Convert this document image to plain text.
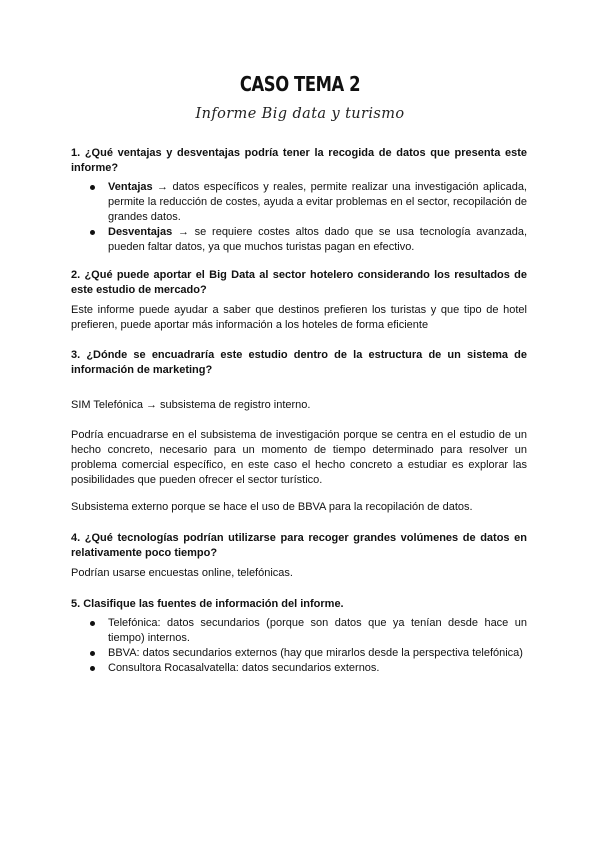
CASO TEMA 2
Informe Big data y turismo
1. ¿Qué ventajas y desventajas podría tener la recogida de datos que presenta este informe?
Ventajas → datos específicos y reales, permite realizar una investigación aplicada, permite la reducción de costes, ayuda a evitar problemas en el sector, recopilación de grandes datos.
Desventajas → se requiere costes altos dado que se usa tecnología avanzada, pueden faltar datos, ya que muchos turistas pagan en efectivo.
2. ¿Qué puede aportar el Big Data al sector hotelero considerando los resultados de este estudio de mercado?
Este informe puede ayudar a saber que destinos prefieren los turistas y que tipo de hotel prefieren, puede aportar más información a los hoteles de forma eficiente
3. ¿Dónde se encuadraría este estudio dentro de la estructura de un sistema de información de marketing?
SIM Telefónica → subsistema de registro interno.
Podría encuadrarse en el subsistema de investigación porque se centra en el estudio de un hecho concreto, necesario para un momento de tiempo determinado para resolver un problema comercial específico, en este caso el hecho concreto a estudiar es explorar las posibilidades que pueden ofrecer el sector turístico.
Subsistema externo porque se hace el uso de BBVA para la recopilación de datos.
4. ¿Qué tecnologías podrían utilizarse para recoger grandes volúmenes de datos en relativamente poco tiempo?
Podrían usarse encuestas online, telefónicas.
5. Clasifique las fuentes de información del informe.
Telefónica: datos secundarios (porque son datos que ya tenían desde hace un tiempo) internos.
BBVA: datos secundarios externos (hay que mirarlos desde la perspectiva telefónica)
Consultora Rocasalvatella: datos secundarios externos.
